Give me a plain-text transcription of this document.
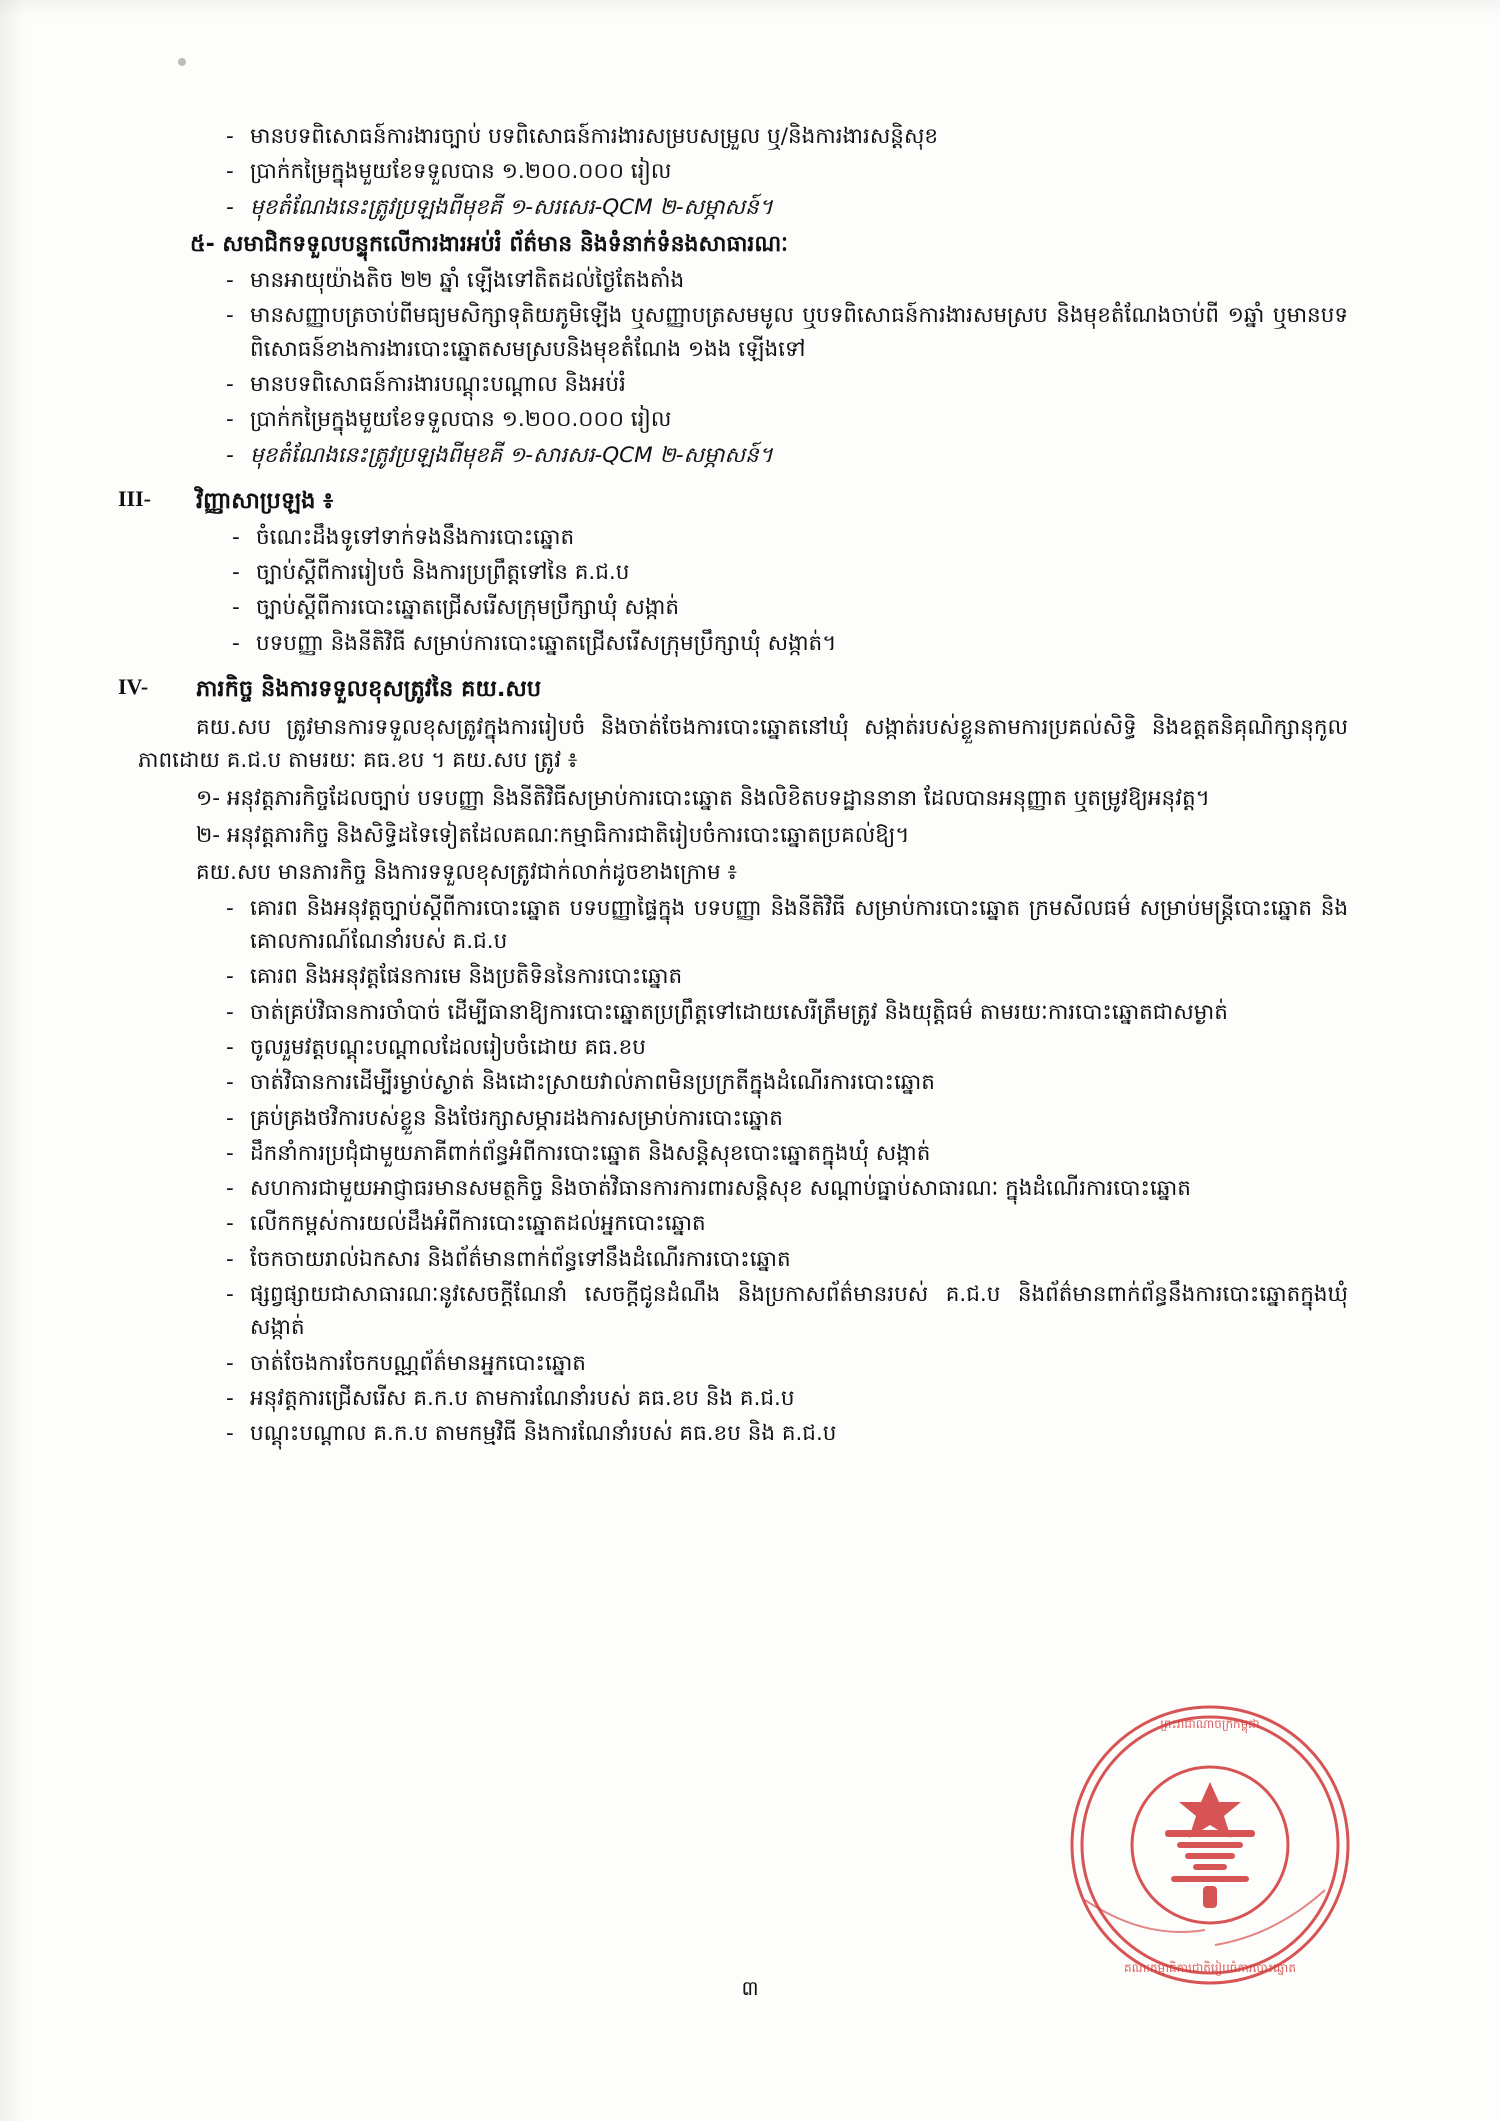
- មានបទពិសោធន៍ការងារច្បាប់ បទពិសោធន៍ការងារសម្របសម្រួល ឬ/និងការងារសន្តិសុខ
- ប្រាក់កម្រៃក្នុងមួយខែទទួលបាន ១.២០០.០០០ រៀល
- មុខតំណែងនេះត្រូវប្រឡងពីមុខគី ១-សរសេរ-QCM ២-សម្ភាសន៍។
៥- សមាជិកទទួលបន្ទុកលើការងារអប់រំ ព័ត៌មាន និងទំនាក់ទំនងសាធារណៈ
- មានអាយុយ៉ាងតិច ២២ ឆ្នាំ ឡើងទៅតិតដល់ថ្ងៃតែងតាំង
- មានសញ្ញាបត្រចាប់ពីមធ្យមសិក្សាទុតិយភូមិឡើង ឬសញ្ញាបត្រសមមូល ឬបទពិសោធន៍ការងារសមស្រប និងមុខតំណែងចាប់ពី ១ឆ្នាំ ឬមានបទពិសោធន៍ខាងការងារបោះឆ្នោតសមស្របនិងមុខតំណែង ១ងង ឡើងទៅ
- មានបទពិសោធន៍ការងារបណ្ដុះបណ្ដាល និងអប់រំ
- ប្រាក់កម្រៃក្នុងមួយខែទទួលបាន ១.២០០.០០០ រៀល
- មុខតំណែងនេះត្រូវប្រឡងពីមុខគី ១-សារសរ-QCM ២-សម្ភាសន៍។
III- វិញ្ញាសាប្រឡង ៖
- ចំណេះដឹងទូទៅទាក់ទងនឹងការបោះឆ្នោត
- ច្បាប់ស្ដីពីការរៀបចំ និងការប្រព្រឹត្តទៅនៃ គ.ជ.ប
- ច្បាប់ស្ដីពីការបោះឆ្នោតជ្រើសរើសក្រុមប្រឹក្សាឃុំ សង្កាត់
- បទបញ្ញា និងនីតិវិធី សម្រាប់ការបោះឆ្នោតជ្រើសរើសក្រុមប្រឹក្សាឃុំ សង្កាត់។
IV- ភារកិច្ច និងការទទួលខុសត្រូវនៃ គយ.សប

គយ.សប ត្រូវមានការទទួលខុសត្រូវក្នុងការរៀបចំ និងចាត់ចែងការបោះឆ្នោតនៅឃុំ សង្កាត់របស់ខ្លួនតាមការប្រគល់សិទ្ធិ និងឧត្តតនិគុណិក្សានុកូលភាពដោយ គ.ជ.ប តាមរយៈ គធ.ខប ។ គយ.សប ត្រូវ ៖

១- អនុវត្តភារកិច្ចដែលច្បាប់ បទបញ្ញា និងនីតិវិធីសម្រាប់ការបោះឆ្នោត និងលិខិតបទដ្ឋាននានា ដែលបានអនុញ្ញាត ឬតម្រូវឱ្យអនុវត្ត។

២- អនុវត្តភារកិច្ច និងសិទ្ធិដទៃទៀតដែលគណៈកម្មាធិការជាតិរៀបចំការបោះឆ្នោតប្រគល់ឱ្យ។

គយ.សប មានភារកិច្ច និងការទទួលខុសត្រូវជាក់លាក់ដូចខាងក្រោម ៖

- គោរព និងអនុវត្តច្បាប់ស្ដីពីការបោះឆ្នោត បទបញ្ញាផ្ទៃក្នុង បទបញ្ញា និងនីតិវិធី សម្រាប់ការបោះឆ្នោត ក្រមសីលធម៌ សម្រាប់មន្ត្រីបោះឆ្នោត និងគោលការណ៍ណែនាំរបស់ គ.ជ.ប
- គោរព និងអនុវត្តផែនការមេ និងប្រតិទិននៃការបោះឆ្នោត
- ចាត់គ្រប់វិធានការចាំបាច់ ដើម្បីធានាឱ្យការបោះឆ្នោតប្រព្រឹត្តទៅដោយសេរីត្រឹមត្រូវ និងយុត្តិធម៌ តាមរយៈការបោះឆ្នោតជាសម្ងាត់
- ចូលរួមវត្តបណ្ដុះបណ្ដាលដែលរៀបចំដោយ គធ.ខប
- ចាត់វិធានការដើម្បីរម្ងាប់ស្ងាត់ និងដោះស្រាយវាល់ភាពមិនប្រក្រតីក្នុងដំណើរការបោះឆ្នោត
- គ្រប់គ្រងថវិការបស់ខ្លួន និងថែរក្សាសម្ភារដងការសម្រាប់ការបោះឆ្នោត
- ដឹកនាំការប្រជុំជាមួយភាគីពាក់ព័ន្ធអំពីការបោះឆ្នោត និងសន្តិសុខបោះឆ្នោតក្នុងឃុំ សង្កាត់
- សហការជាមួយអាជ្ញាធរមានសមត្ថកិច្ច និងចាត់វិធានការការពារសន្តិសុខ សណ្ដាប់ធ្នាប់សាធារណៈ ក្នុងដំណើរការបោះឆ្នោត
- លើកកម្ពស់ការយល់ដឹងអំពីការបោះឆ្នោតដល់អ្នកបោះឆ្នោត
- ចែកចាយរាល់ឯកសារ និងព័ត៌មានពាក់ព័ន្ធទៅនឹងដំណើរការបោះឆ្នោត
- ផ្សព្វផ្សាយជាសាធារណៈនូវសេចក្ដីណែនាំ សេចក្ដីជូនដំណឹង និងប្រកាសព័ត៌មានរបស់ គ.ជ.ប និងព័ត៌មានពាក់ព័ន្ធនឹងការបោះឆ្នោតក្នុងឃុំ សង្កាត់
- ចាត់ចែងការចែកបណ្ណព័ត៌មានអ្នកបោះឆ្នោត
- អនុវត្តការជ្រើសរើស គ.ក.ប តាមការណែនាំរបស់ គធ.ខប និង គ.ជ.ប
- បណ្ដុះបណ្ដាល គ.ក.ប តាមកម្មវិធី និងការណែនាំរបស់ គធ.ខប និង គ.ជ.ប
ព្រះរាជាណាចក្រកម្ពុជា
គណៈកម្មាធិការជាតិរៀបចំការបោះឆ្នោត
៣
